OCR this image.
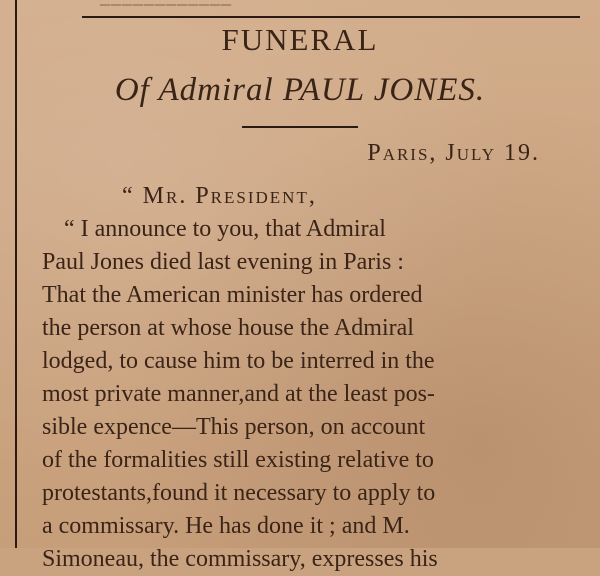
FUNERAL
Of Admiral PAUL JONES.
Paris, July 19.
“ Mr. President,
“ I announce to you, that Admiral
Paul Jones died last evening in Paris :
That the American minister has ordered
the person at whose house the Admiral
lodged, to cause him to be interred in the
most private manner,and at the least pos-
sible expence—This person, on account
of the formalities still existing relative to
protestants,found it necessary to apply to
a commissary. He has done it ; and M.
Simoneau, the commissary, expresses his
